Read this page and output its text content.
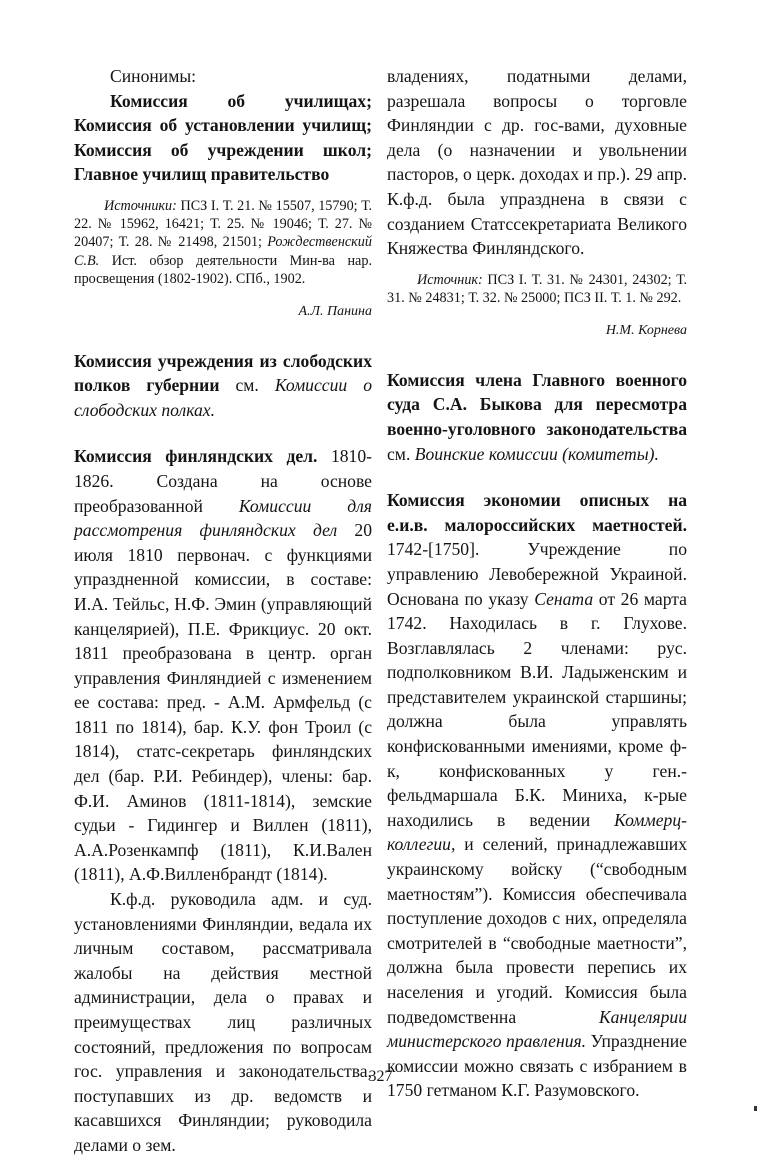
Синонимы:

Комиссия об училищах; Комиссия об установлении училищ; Комиссия об учреждении школ; Главное училищ правительство

Источники: ПСЗ I. Т. 21. № 15507, 15790; Т. 22. № 15962, 16421; Т. 25. № 19046; Т. 27. № 20407; Т. 28. № 21498, 21501; Рождественский С.В. Ист. обзор деятельности Мин-ва нар. просвещения (1802-1902). СПб., 1902.

А.Л. Панина

Комиссия учреждения из слободских полков губернии см. Комиссии о слободских полках.

Комиссия финляндских дел. 1810-1826. Создана на основе преобразованной Комиссии для рассмотрения финляндских дел 20 июля 1810 первонач. с функциями упраздненной комиссии, в составе: И.А. Тейльс, Н.Ф. Эмин (управляющий канцелярией), П.Е. Фрикциус. 20 окт. 1811 преобразована в центр. орган управления Финляндией с изменением ее состава: пред. - А.М. Армфельд (с 1811 по 1814), бар. К.У. фон Троил (с 1814), статс-секретарь финляндских дел (бар. Р.И. Ребиндер), члены: бар. Ф.И. Аминов (1811-1814), земские судьи - Гидингер и Виллен (1811), А.А.Розенкампф (1811), К.И.Вален (1811), А.Ф.Вилленбрандт (1814).

К.ф.д. руководила адм. и суд. установлениями Финляндии, ведала их личным составом, рассматривала жалобы на действия местной администрации, дела о правах и преимуществах лиц различных состояний, предложения по вопросам гос. управления и законодательства, поступавших из др. ведомств и касавшихся Финляндии; руководила делами о зем.

владениях, податными делами, разрешала вопросы о торговле Финляндии с др. гос-вами, духовные дела (о назначении и увольнении пасторов, о церк. доходах и пр.). 29 апр. К.ф.д. была упразднена в связи с созданием Статссекретариата Великого Княжества Финляндского.

Источник: ПСЗ I. Т. 31. № 24301, 24302; Т. 31. № 24831; Т. 32. № 25000; ПСЗ II. Т. 1. № 292.

Н.М. Корнева

Комиссия члена Главного военного суда С.А. Быкова для пересмотра военно-уголовного законодательства см. Воинские комиссии (комитеты).

Комиссия экономии описных на е.и.в. малороссийских маетностей. 1742-[1750]. Учреждение по управлению Левобережной Украиной. Основана по указу Сената от 26 марта 1742. Находилась в г. Глухове. Возглавлялась 2 членами: рус. подполковником В.И. Ладыженским и представителем украинской старшины; должна была управлять конфискованными имениями, кроме ф-к, конфискованных у ген.-фельдмаршала Б.К. Миниха, к-рые находились в ведении Коммерц-коллегии, и селений, принадлежавших украинскому войску (“свободным маетностям”). Комиссия обеспечивала поступление доходов с них, определяла смотрителей в “свободные маетности”, должна была провести перепись их населения и угодий. Комиссия была подведомственна Канцелярии министерского правления. Упразднение комиссии можно связать с избранием в 1750 гетманом К.Г. Разумовского.

327
